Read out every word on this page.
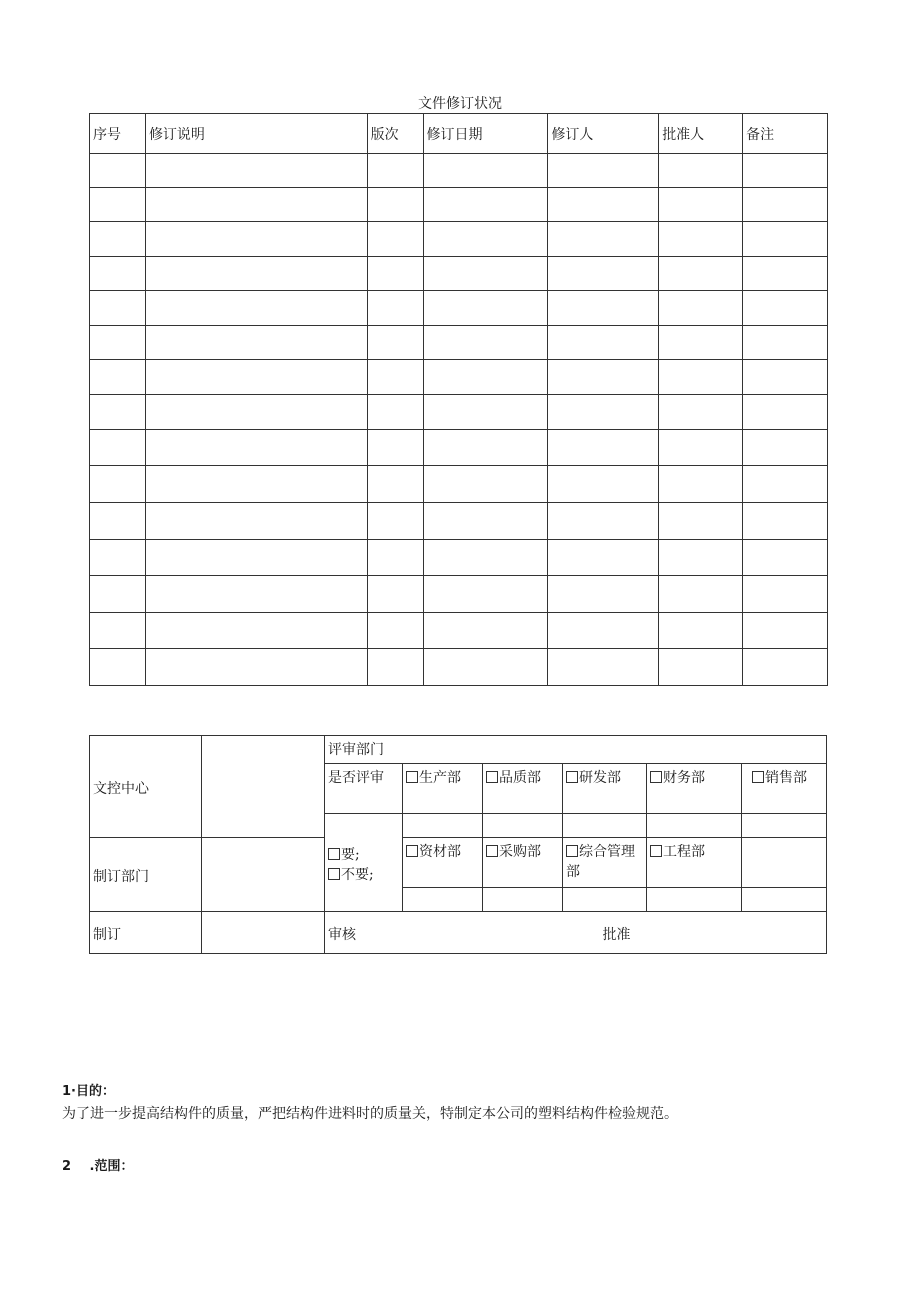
文件修订状况
序号	修订说明	版次	修订日期	修订人	批准人	备注

文控中心		评审部门					
		是否评审	生产部	品质部	研发部	财务部	销售部

		要;
不要;					

制订部门			资材部	采购部	综合管理部	工程部	

制订		审核 批准					
1·目的：
为了进一步提高结构件的质量，严把结构件进料时的质量关，特制定本公司的塑料结构件检验规范。
2 .范围：
